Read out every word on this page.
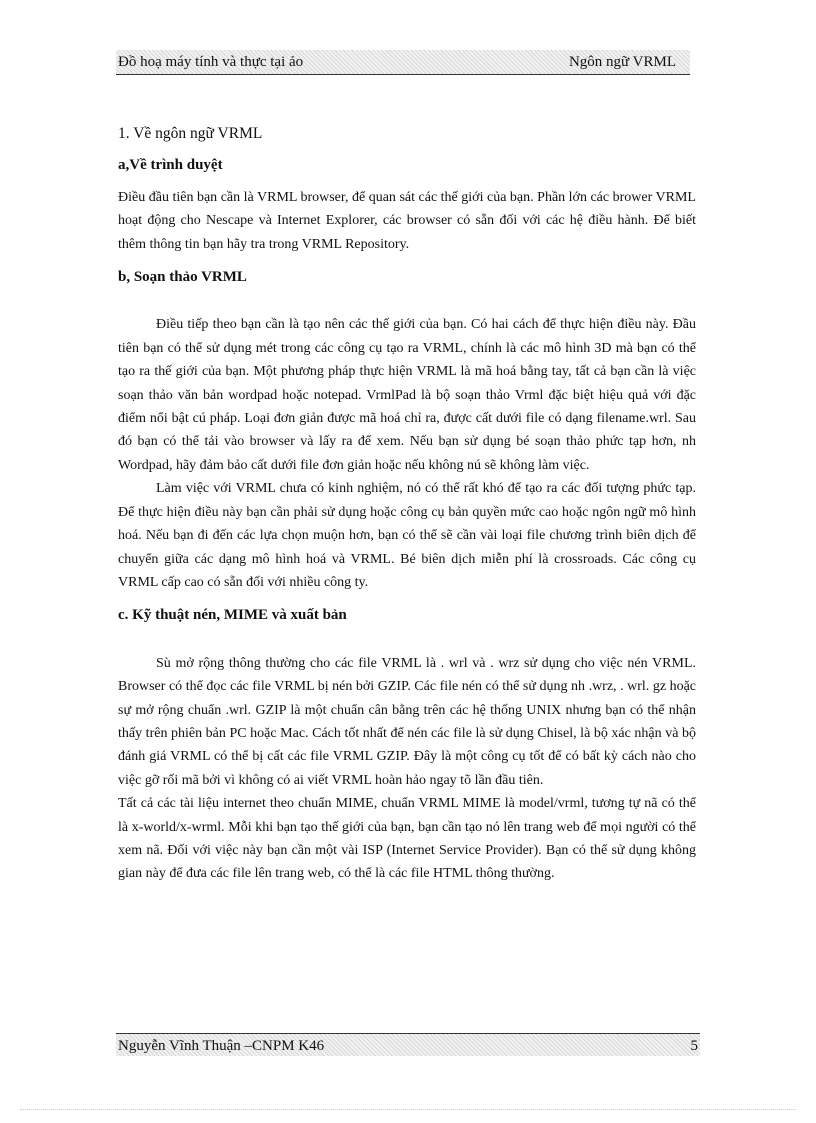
Đồ hoạ máy tính và thực tại ảo	Ngôn ngữ VRML
1. Về ngôn ngữ VRML
a,Về trình duyệt

Điều đầu tiên bạn cần là VRML browser, để quan sát các thế giới của bạn. Phần lớn các brower VRML hoạt động cho Nescape và Internet Explorer, các browser có sẵn đối với các hệ điều hành. Để biết thêm thông tin bạn hãy tra trong VRML Repository.

b, Soạn thảo VRML

Điều tiếp theo bạn cần là tạo nên các thế giới của bạn. Có hai cách để thực hiện điều này. Đầu tiên bạn có thể sử dụng mét trong các công cụ tạo ra VRML, chính là các mô hình 3D mà bạn có thể tạo ra thế giới của bạn. Một phương pháp thực hiện VRML là mã hoá bằng tay, tất cả bạn cần là việc soạn thảo văn bản wordpad hoặc notepad. VrmlPad là bộ soạn thảo Vrml đặc biệt hiệu quả với đặc điểm nổi bật cú pháp. Loại đơn giản được mã hoá chỉ ra, được cất dưới file có dạng filename.wrl. Sau đó bạn có thể tải vào browser và lấy ra để xem. Nếu bạn sử dụng bé soạn thảo phức tạp hơn, nh Wordpad, hãy đảm bảo cất dưới file đơn giản hoặc nếu không nú sẽ không làm việc.

Làm việc với VRML chưa có kinh nghiệm, nó có thể rất khó để tạo ra các đối tượng phức tạp. Để thực hiện điều này bạn cần phải sử dụng hoặc công cụ bản quyền mức cao hoặc ngôn ngữ mô hình hoá. Nếu bạn đi đến các lựa chọn muộn hơn, bạn có thể sẽ cần vài loại file chương trình biên dịch để chuyển giữa các dạng mô hình hoá và VRML. Bé biên dịch miễn phí là crossroads. Các công cụ VRML cấp cao có sẵn đối với nhiều công ty.

c. Kỹ thuật nén, MIME và xuất bản

Sù mở rộng thông thường cho các file VRML là . wrl và . wrz sử dụng cho việc nén VRML. Browser có thể đọc các file VRML bị nén bởi GZIP. Các file nén có thể sử dụng nh .wrz, . wrl. gz hoặc sự mở rộng chuẩn .wrl. GZIP là một chuẩn cân bằng trên các hệ thống UNIX nhưng bạn có thể nhận thấy trên phiên bản PC hoặc Mac. Cách tốt nhất để nén các file là sử dụng Chisel, là bộ xác nhận và bộ đánh giá VRML có thể bị cất các file VRML GZIP. Đây là một công cụ tốt để có bất kỳ cách nào cho việc gỡ rối mã bởi vì không có ai viết VRML hoàn hảo ngay tõ lần đầu tiên.

Tất cả các tài liệu internet theo chuẩn MIME, chuẩn VRML MIME là model/vrml, tương tự nã có thể là x-world/x-wrml. Mỗi khi bạn tạo thế giới của bạn, bạn cần tạo nó lên trang web để mọi người có thể xem nã. Đối với việc này bạn cần một vài ISP (Internet Service Provider). Bạn có thể sử dụng không gian này để đưa các file lên trang web, có thể là các file HTML thông thường.

Nguyễn Vĩnh Thuận –CNPM K46	5
